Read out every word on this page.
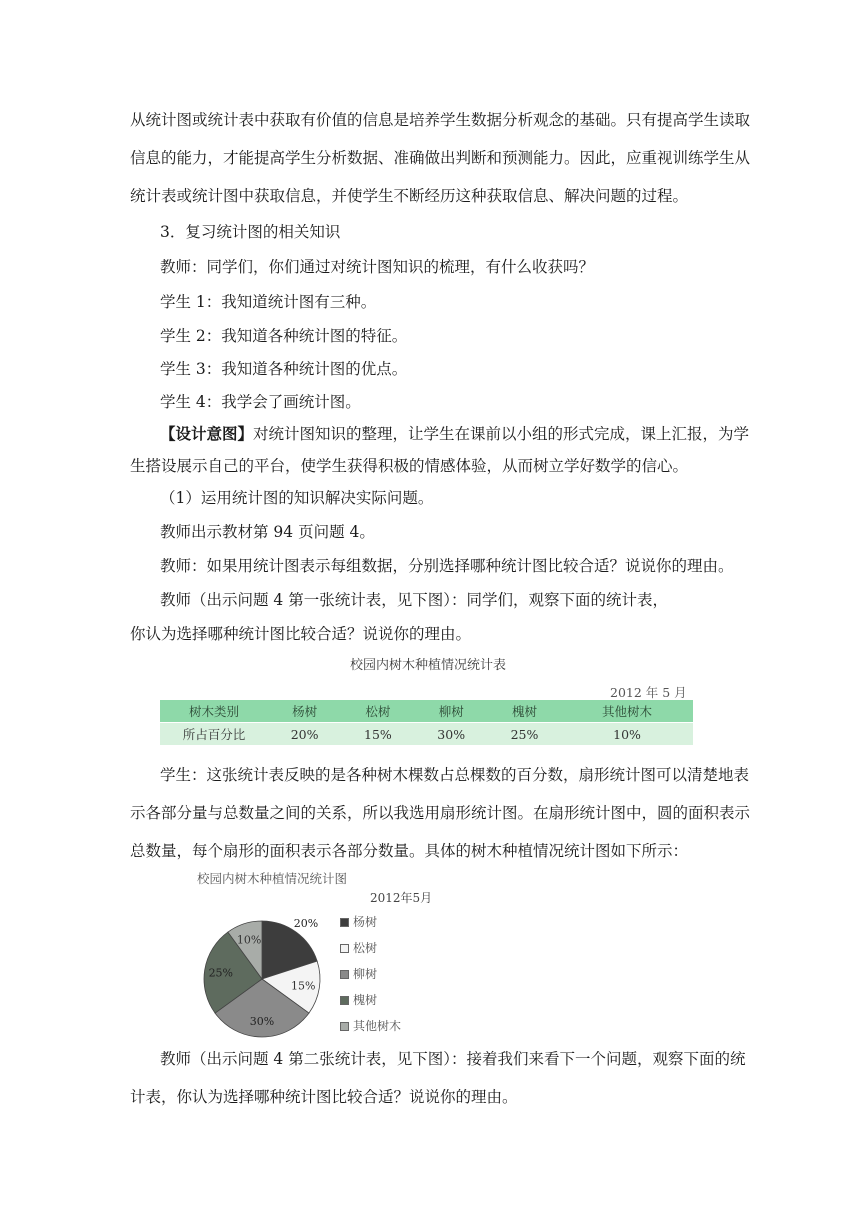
从统计图或统计表中获取有价值的信息是培养学生数据分析观念的基础。只有提高学生读取

信息的能力，才能提高学生分析数据、准确做出判断和预测能力。因此，应重视训练学生从

统计表或统计图中获取信息，并使学生不断经历这种获取信息、解决问题的过程。

3．复习统计图的相关知识

教师：同学们，你们通过对统计图知识的梳理，有什么收获吗？

学生 1：我知道统计图有三种。

学生 2：我知道各种统计图的特征。

学生 3：我知道各种统计图的优点。

学生 4：我学会了画统计图。

【设计意图】对统计图知识的整理，让学生在课前以小组的形式完成，课上汇报，为学

生搭设展示自己的平台，使学生获得积极的情感体验，从而树立学好数学的信心。

（1）运用统计图的知识解决实际问题。

教师出示教材第 94 页问题 4。

教师：如果用统计图表示每组数据，分别选择哪种统计图比较合适？说说你的理由。

教师（出示问题 4 第一张统计表，见下图）：同学们，观察下面的统计表，

校园内树木种植情况统计表
2012 年 5 月
树木类别	杨树	松树	柳树	槐树	其他树木
所占百分比	20%	15%	30%	25%	10%

学生：这张统计表反映的是各种树木棵数占总棵数的百分数，扇形统计图可以清楚地表

示各部分量与总数量之间的关系，所以我选用扇形统计图。在扇形统计图中，圆的面积表示

总数量，每个扇形的面积表示各部分数量。具体的树木种植情况统计图如下所示：

校园内树木种植情况统计图
2012年5月
20%
15%
30%
25%
10%
杨树
松树
柳树
槐树
其他树木

教师（出示问题 4 第二张统计表，见下图）：接着我们来看下一个问题，观察下面的统

计表，你认为选择哪种统计图比较合适？说说你的理由。

你认为选择哪种统计图比较合适？说说你的理由。
